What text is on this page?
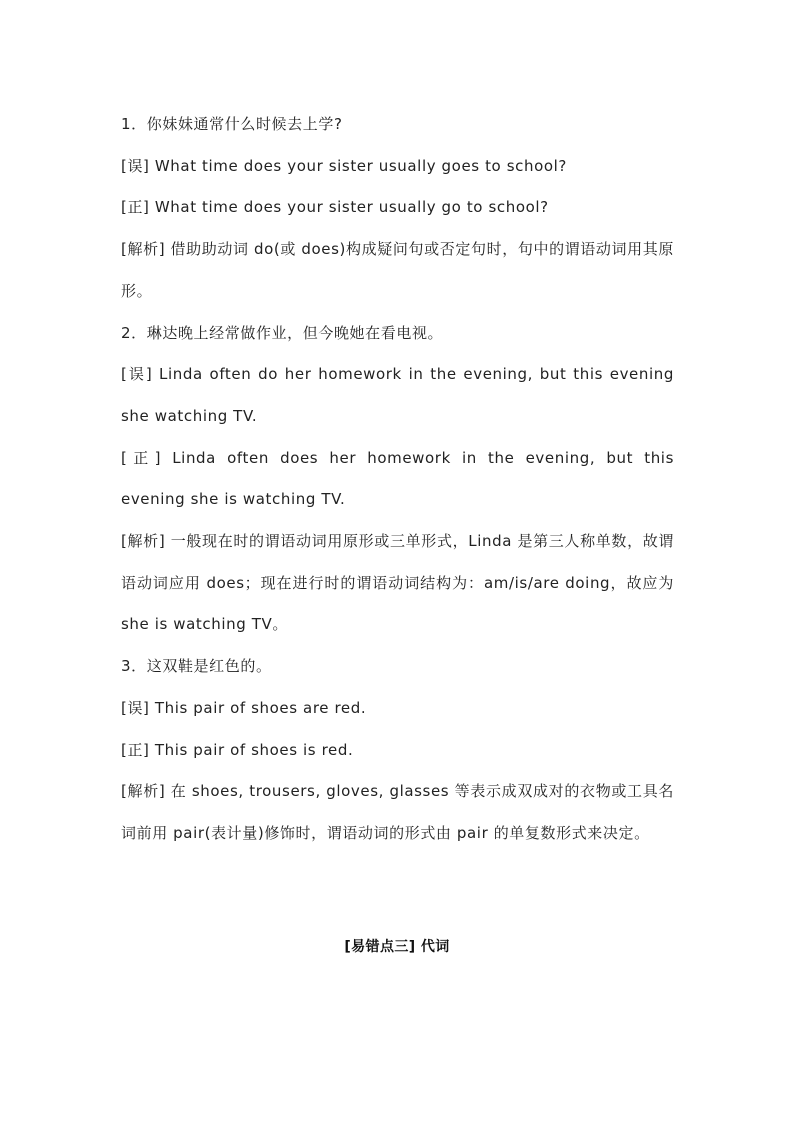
1．你妹妹通常什么时候去上学?

[误] What time does your sister usually goes to school?

[正] What time does your sister usually go to school?

[解析] 借助助动词 do(或 does)构成疑问句或否定句时，句中的谓语动词用其原形。

2．琳达晚上经常做作业，但今晚她在看电视。

[误] Linda often do her homework in the evening, but this evening she watching TV.

[正] Linda often does her homework in the evening, but this evening she is watching TV.

[解析] 一般现在时的谓语动词用原形或三单形式，Linda 是第三人称单数，故谓语动词应用 does；现在进行时的谓语动词结构为：am/is/are doing，故应为 she is watching TV。

3．这双鞋是红色的。

[误] This pair of shoes are red.

[正] This pair of shoes is red.

[解析] 在 shoes, trousers, gloves, glasses 等表示成双成对的衣物或工具名词前用 pair(表计量)修饰时，谓语动词的形式由 pair 的单复数形式来决定。

[易错点三] 代词
